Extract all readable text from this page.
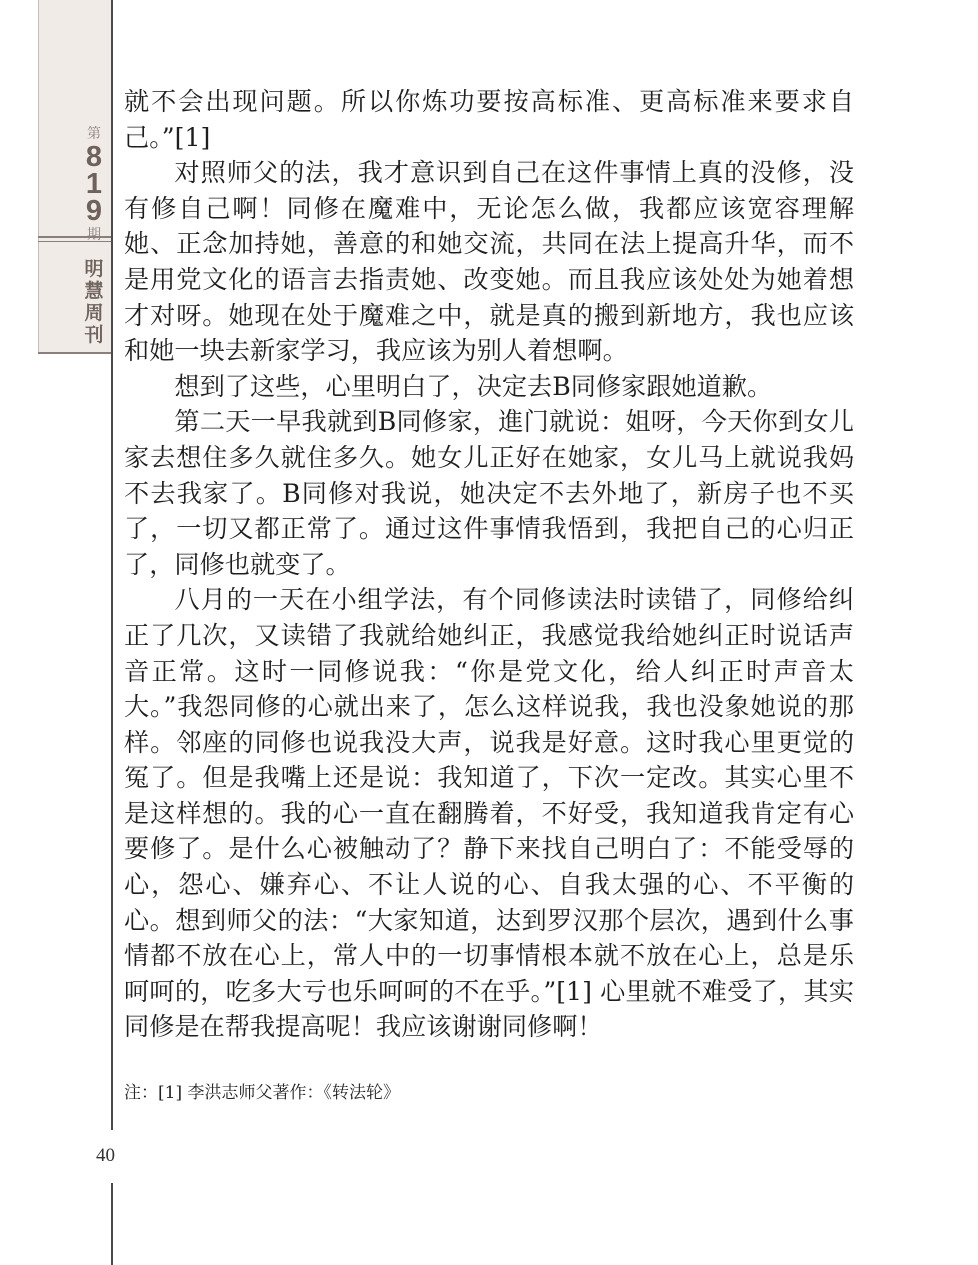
第
8
1
9
期
明
慧
周
刊

就不会出现问题。所以你炼功要按高标准、更高标准来要求自己。”[1]

对照师父的法，我才意识到自己在这件事情上真的没修，没有修自己啊！同修在魔难中，无论怎么做，我都应该宽容理解她、正念加持她，善意的和她交流，共同在法上提高升华，而不是用党文化的语言去指责她、改变她。而且我应该处处为她着想才对呀。她现在处于魔难之中，就是真的搬到新地方，我也应该和她一块去新家学习，我应该为别人着想啊。

想到了这些，心里明白了，决定去B同修家跟她道歉。

第二天一早我就到B同修家，進门就说：姐呀，今天你到女儿家去想住多久就住多久。她女儿正好在她家，女儿马上就说我妈不去我家了。B同修对我说，她决定不去外地了，新房子也不买了，一切又都正常了。通过这件事情我悟到，我把自己的心归正了，同修也就变了。

八月的一天在小组学法，有个同修读法时读错了，同修给纠正了几次，又读错了我就给她纠正，我感觉我给她纠正时说话声音正常。这时一同修说我：“你是党文化，给人纠正时声音太大。”我怨同修的心就出来了，怎么这样说我，我也没象她说的那样。邻座的同修也说我没大声，说我是好意。这时我心里更觉的冤了。但是我嘴上还是说：我知道了，下次一定改。其实心里不是这样想的。我的心一直在翻腾着，不好受，我知道我肯定有心要修了。是什么心被触动了？静下来找自己明白了：不能受辱的心，怨心、嫌弃心、不让人说的心、自我太强的心、不平衡的心。想到师父的法：“大家知道，达到罗汉那个层次，遇到什么事情都不放在心上，常人中的一切事情根本就不放在心上，总是乐呵呵的，吃多大亏也乐呵呵的不在乎。”[1] 心里就不难受了，其实同修是在帮我提高呢！我应该谢谢同修啊！

注：[1] 李洪志师父著作：《转法轮》
40
